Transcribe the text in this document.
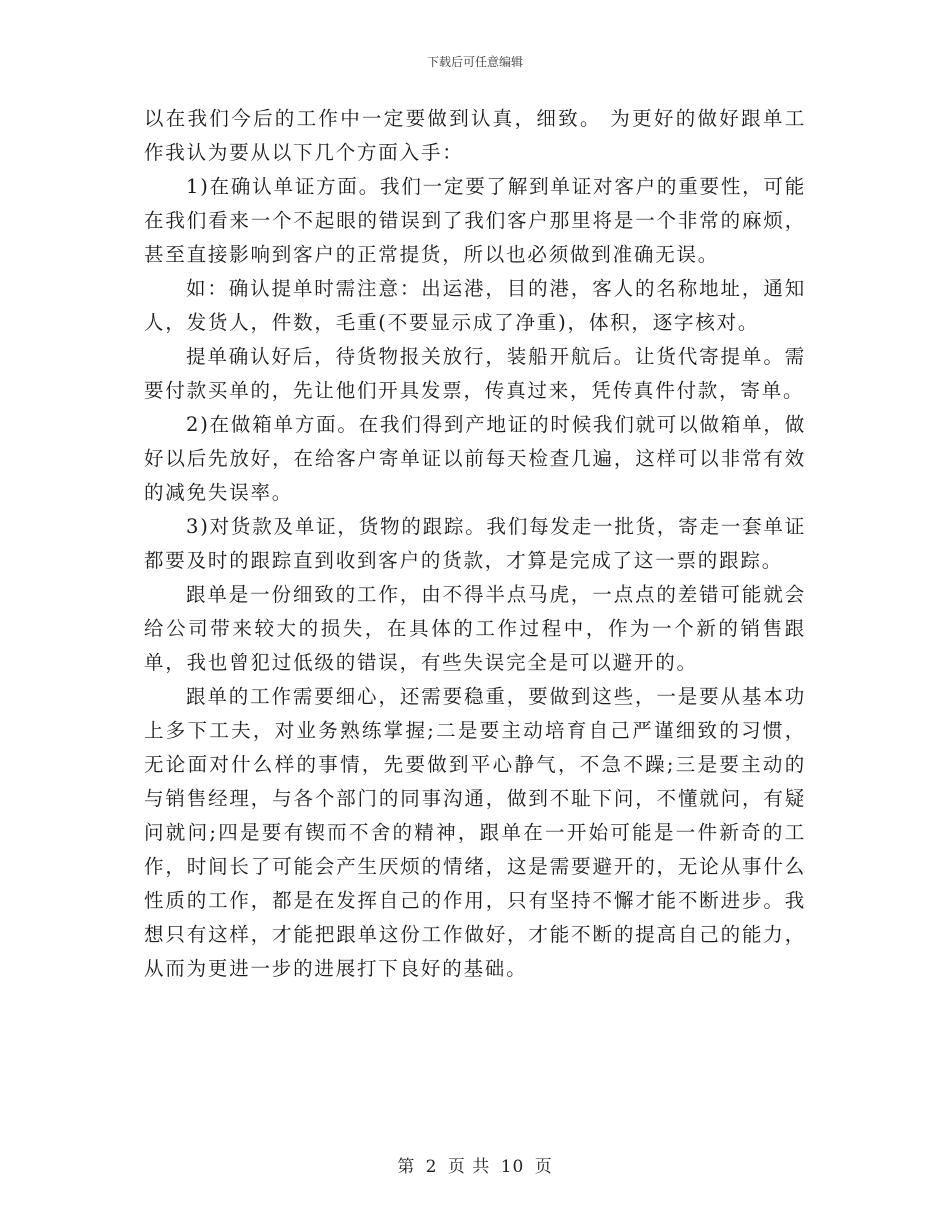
下载后可任意编辑

以在我们今后的工作中一定要做到认真，细致。 为更好的做好跟单工作我认为要从以下几个方面入手：

1)在确认单证方面。我们一定要了解到单证对客户的重要性，可能在我们看来一个不起眼的错误到了我们客户那里将是一个非常的麻烦，甚至直接影响到客户的正常提货，所以也必须做到准确无误。

如：确认提单时需注意：出运港，目的港，客人的名称地址，通知人，发货人，件数，毛重(不要显示成了净重)，体积，逐字核对。

提单确认好后，待货物报关放行，装船开航后。让货代寄提单。需要付款买单的，先让他们开具发票，传真过来，凭传真件付款，寄单。

2)在做箱单方面。在我们得到产地证的时候我们就可以做箱单，做好以后先放好，在给客户寄单证以前每天检查几遍，这样可以非常有效的减免失误率。

3)对货款及单证，货物的跟踪。我们每发走一批货，寄走一套单证都要及时的跟踪直到收到客户的货款，才算是完成了这一票的跟踪。

跟单是一份细致的工作，由不得半点马虎，一点点的差错可能就会给公司带来较大的损失，在具体的工作过程中，作为一个新的销售跟单，我也曾犯过低级的错误，有些失误完全是可以避开的。

跟单的工作需要细心，还需要稳重，要做到这些，一是要从基本功上多下工夫，对业务熟练掌握;二是要主动培育自己严谨细致的习惯，无论面对什么样的事情，先要做到平心静气，不急不躁;三是要主动的与销售经理，与各个部门的同事沟通，做到不耻下问，不懂就问，有疑问就问;四是要有锲而不舍的精神，跟单在一开始可能是一件新奇的工作，时间长了可能会产生厌烦的情绪，这是需要避开的，无论从事什么性质的工作，都是在发挥自己的作用，只有坚持不懈才能不断进步。我想只有这样，才能把跟单这份工作做好，才能不断的提高自己的能力，从而为更进一步的进展打下良好的基础。

第 2 页 共 10 页
